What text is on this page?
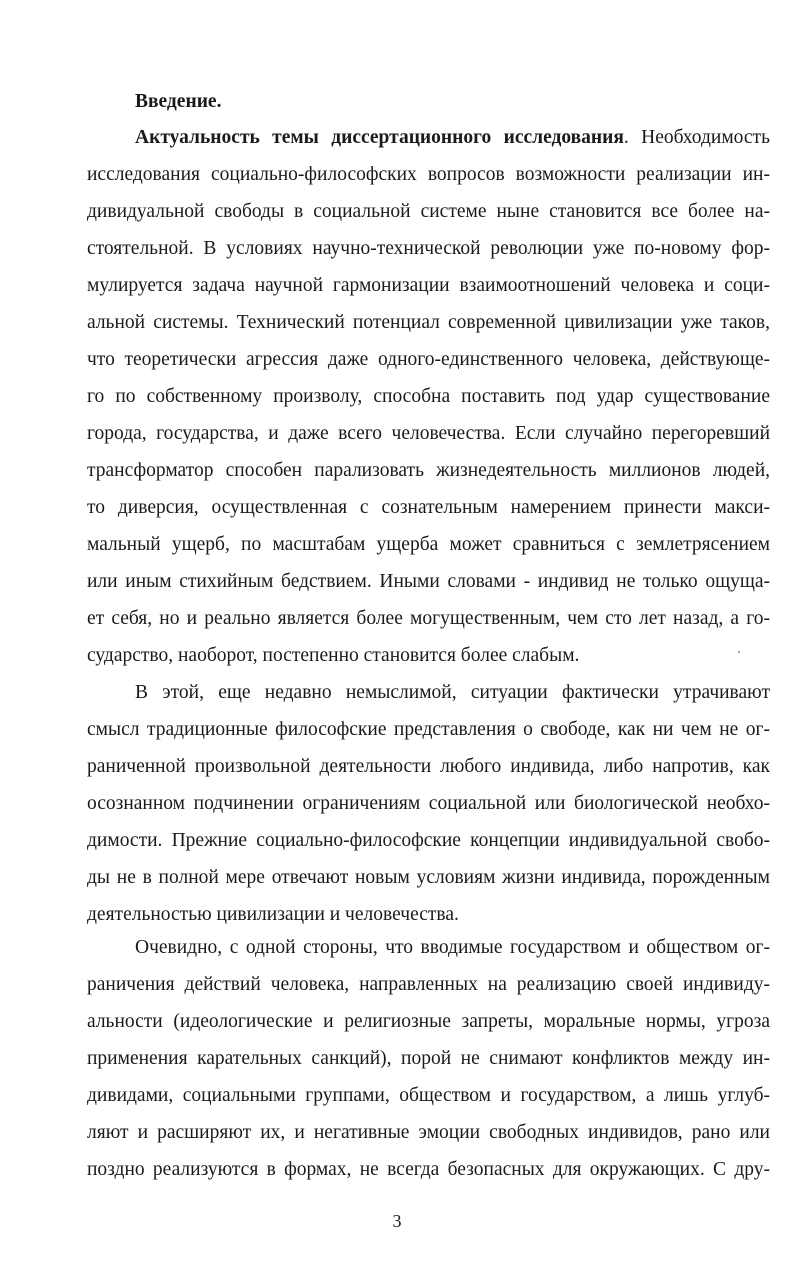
Введение.

Актуальность темы диссертационного исследования. Необходимость

исследования социально-философских вопросов возможности реализации ин-

дивидуальной свободы в социальной системе ныне становится все более на-

стоятельной. В условиях научно-технической революции уже по-новому фор-

мулируется задача научной гармонизации взаимоотношений человека и соци-

альной системы. Технический потенциал современной цивилизации уже таков,

что теоретически агрессия даже одного-единственного человека, действующе-

го по собственному произволу, способна поставить под удар существование

города, государства, и даже всего человечества. Если случайно перегоревший

трансформатор способен парализовать жизнедеятельность миллионов людей,

то диверсия, осуществленная с сознательным намерением принести макси-

мальный ущерб, по масштабам ущерба может сравниться с землетрясением

или иным стихийным бедствием. Иными словами - индивид не только ощуща-

ет себя, но и реально является более могущественным, чем сто лет назад, а го-

сударство, наоборот, постепенно становится более слабым.

В этой, еще недавно немыслимой, ситуации фактически утрачивают

смысл традиционные философские представления о свободе, как ни чем не ог-

раниченной произвольной деятельности любого индивида, либо напротив, как

осознанном подчинении ограничениям социальной или биологической необхо-

димости. Прежние социально-философские концепции индивидуальной свобо-

ды не в полной мере отвечают новым условиям жизни индивида, порожденным

деятельностью цивилизации и человечества.

Очевидно, с одной стороны, что вводимые государством и обществом ог-

раничения действий человека, направленных на реализацию своей индивиду-

альности (идеологические и религиозные запреты, моральные нормы, угроза

применения карательных санкций), порой не снимают конфликтов между ин-

дивидами, социальными группами, обществом и государством, а лишь углуб-

ляют и расширяют их, и негативные эмоции свободных индивидов, рано или

поздно реализуются в формах, не всегда безопасных для окружающих. С дру-

3
